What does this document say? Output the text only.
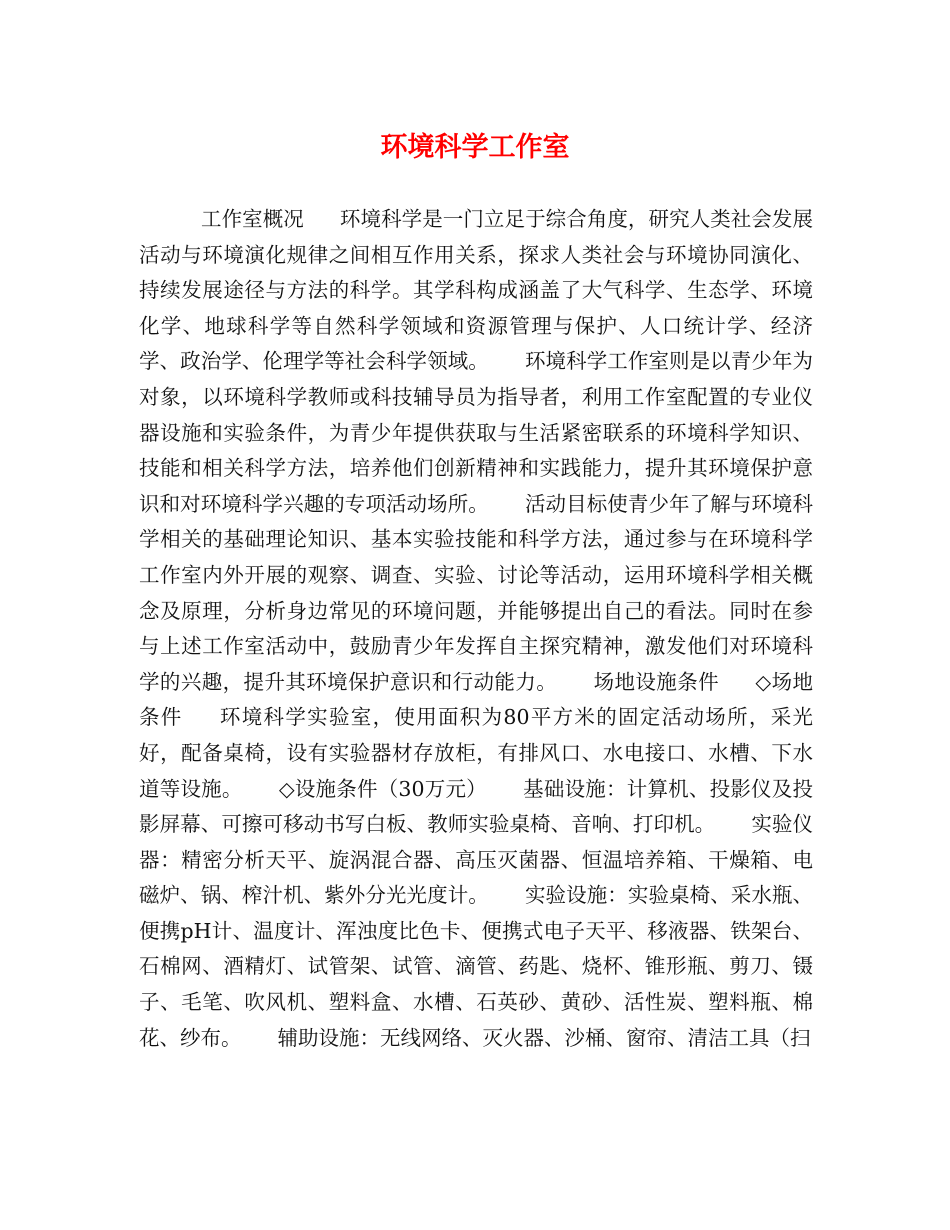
环境科学工作室

工作室概况 环境科学是一门立足于综合角度，研究人类社会发展活动与环境演化规律之间相互作用关系，探求人类社会与环境协同演化、持续发展途径与方法的科学。其学科构成涵盖了大气科学、生态学、环境化学、地球科学等自然科学领域和资源管理与保护、人口统计学、经济学、政治学、伦理学等社会科学领域。 环境科学工作室则是以青少年为对象，以环境科学教师或科技辅导员为指导者，利用工作室配置的专业仪器设施和实验条件，为青少年提供获取与生活紧密联系的环境科学知识、技能和相关科学方法，培养他们创新精神和实践能力，提升其环境保护意识和对环境科学兴趣的专项活动场所。 活动目标使青少年了解与环境科学相关的基础理论知识、基本实验技能和科学方法，通过参与在环境科学工作室内外开展的观察、调查、实验、讨论等活动，运用环境科学相关概念及原理，分析身边常见的环境问题，并能够提出自己的看法。同时在参与上述工作室活动中，鼓励青少年发挥自主探究精神，激发他们对环境科学的兴趣，提升其环境保护意识和行动能力。 场地设施条件 ◇场地条件 环境科学实验室，使用面积为80平方米的固定活动场所，采光好，配备桌椅，设有实验器材存放柜，有排风口、水电接口、水槽、下水道等设施。 ◇设施条件（30万元） 基础设施：计算机、投影仪及投影屏幕、可擦可移动书写白板、教师实验桌椅、音响、打印机。 实验仪器：精密分析天平、旋涡混合器、高压灭菌器、恒温培养箱、干燥箱、电磁炉、锅、榨汁机、紫外分光光度计。 实验设施：实验桌椅、采水瓶、便携pH计、温度计、浑浊度比色卡、便携式电子天平、移液器、铁架台、石棉网、酒精灯、试管架、试管、滴管、药匙、烧杯、锥形瓶、剪刀、镊子、毛笔、吹风机、塑料盒、水槽、石英砂、黄砂、活性炭、塑料瓶、棉花、纱布。 辅助设施：无线网络、灭火器、沙桶、窗帘、清洁工具（扫
